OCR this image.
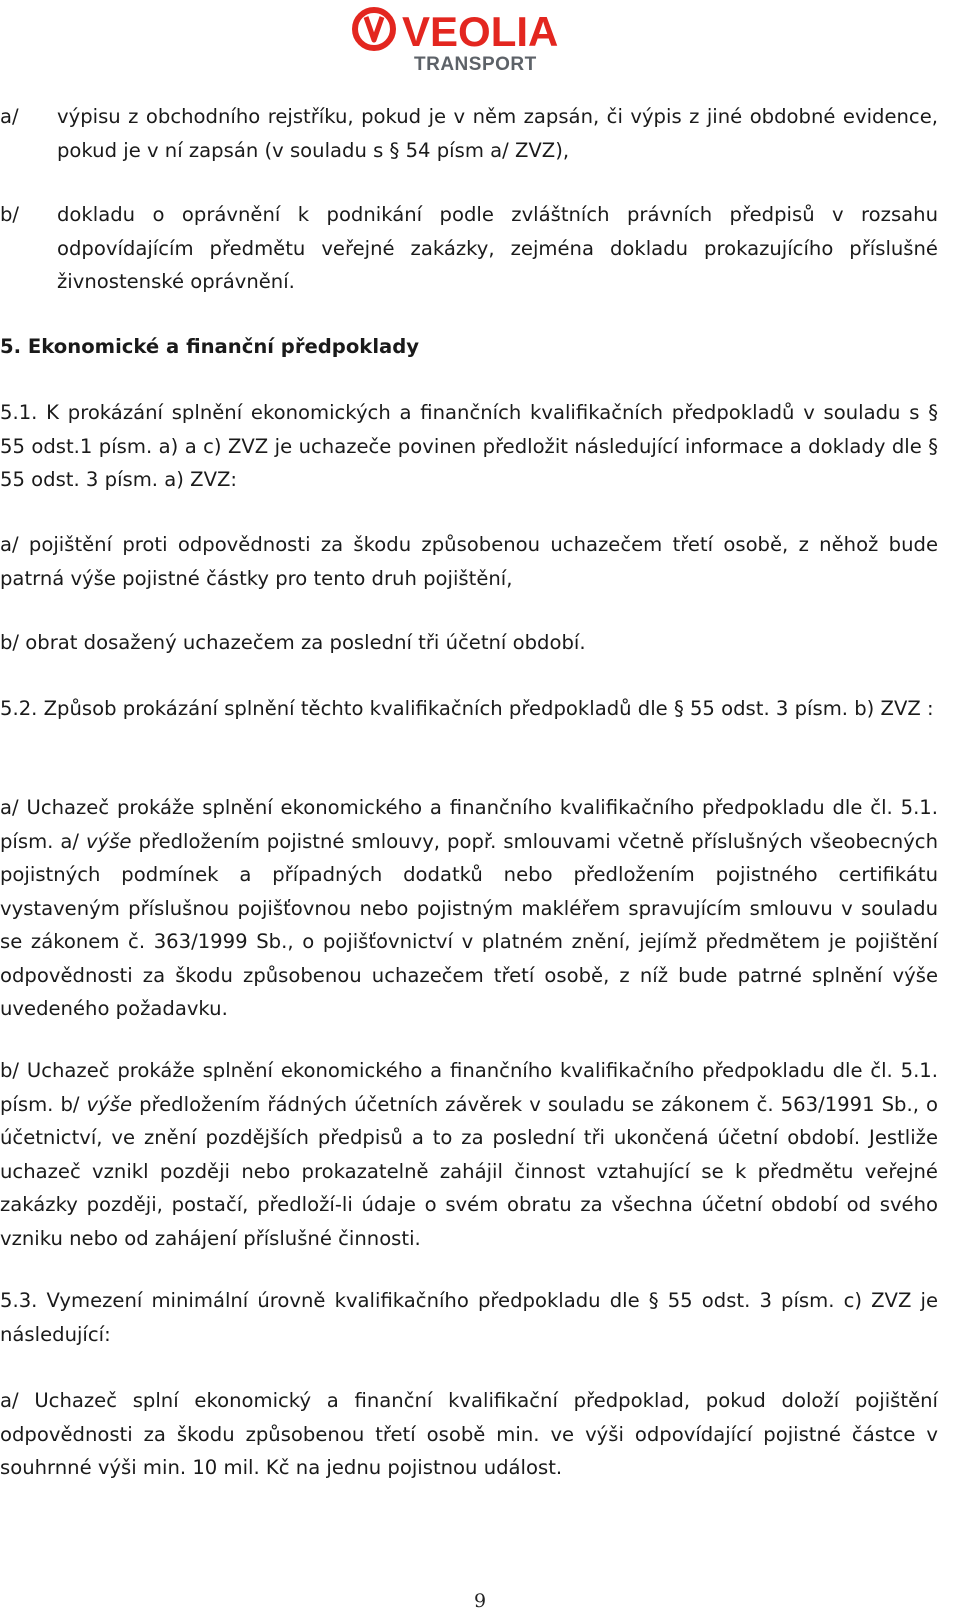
VEOLIA
TRANSPORT
a/ výpisu z obchodního rejstříku, pokud je v něm zapsán, či výpis z jiné obdobné evidence, pokud je v ní zapsán (v souladu s § 54 písm a/ ZVZ),
b/ dokladu o oprávnění k podnikání podle zvláštních právních předpisů v rozsahu odpovídajícím předmětu veřejné zakázky, zejména dokladu prokazujícího příslušné živnostenské oprávnění.
5. Ekonomické a finanční předpoklady
5.1. K prokázání splnění ekonomických a finančních kvalifikačních předpokladů v souladu s § 55 odst.1 písm. a) a c) ZVZ je uchazeče povinen předložit následující informace a doklady dle § 55 odst. 3 písm. a) ZVZ:
a/ pojištění proti odpovědnosti za škodu způsobenou uchazečem třetí osobě, z něhož bude patrná výše pojistné částky pro tento druh pojištění,
b/ obrat dosažený uchazečem za poslední tři účetní období.
5.2. Způsob prokázání splnění těchto kvalifikačních předpokladů dle § 55 odst. 3 písm. b) ZVZ :
a/ Uchazeč prokáže splnění ekonomického a finančního kvalifikačního předpokladu dle čl. 5.1. písm. a/ výše předložením pojistné smlouvy, popř. smlouvami včetně příslušných všeobecných pojistných podmínek a případných dodatků nebo předložením pojistného certifikátu vystaveným příslušnou pojišťovnou nebo pojistným makléřem spravujícím smlouvu v souladu se zákonem č. 363/1999 Sb., o pojišťovnictví v platném znění, jejímž předmětem je pojištění odpovědnosti za škodu způsobenou uchazečem třetí osobě, z níž bude patrné splnění výše uvedeného požadavku.
b/ Uchazeč prokáže splnění ekonomického a finančního kvalifikačního předpokladu dle čl. 5.1. písm. b/ výše předložením řádných účetních závěrek v souladu se zákonem č. 563/1991 Sb., o účetnictví, ve znění pozdějších předpisů a to za poslední tři ukončená účetní období. Jestliže uchazeč vznikl později nebo prokazatelně zahájil činnost vztahující se k předmětu veřejné zakázky později, postačí, předloží-li údaje o svém obratu za všechna účetní období od svého vzniku nebo od zahájení příslušné činnosti.
5.3. Vymezení minimální úrovně kvalifikačního předpokladu dle § 55 odst. 3 písm. c) ZVZ je následující:
a/ Uchazeč splní ekonomický a finanční kvalifikační předpoklad, pokud doloží pojištění odpovědnosti za škodu způsobenou třetí osobě min. ve výši odpovídající pojistné částce v souhrnné výši min. 10 mil. Kč na jednu pojistnou událost.
9
